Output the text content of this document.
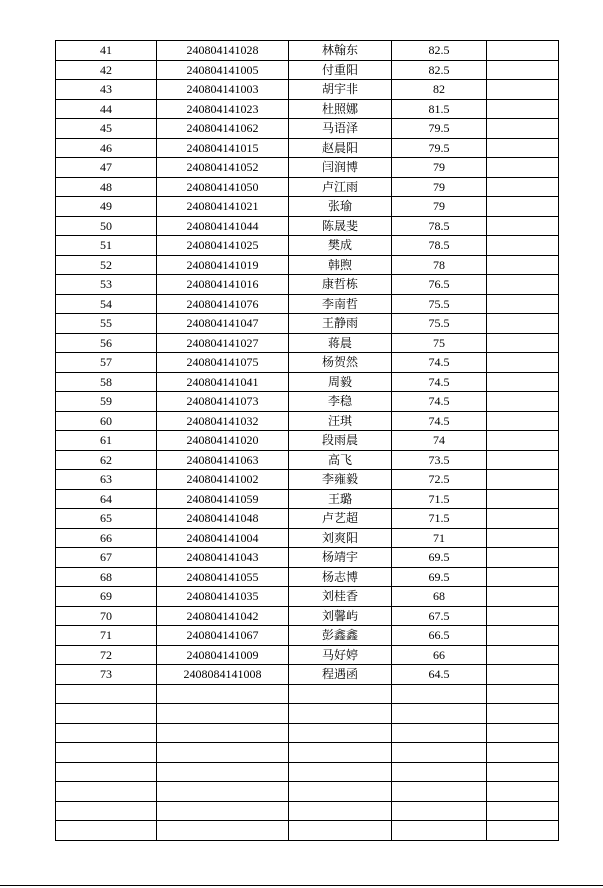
41	240804141028	林翰东	82.5	
42	240804141005	付重阳	82.5	
43	240804141003	胡宇非	82	
44	240804141023	杜照娜	81.5	
45	240804141062	马语泽	79.5	
46	240804141015	赵晨阳	79.5	
47	240804141052	闫润博	79	
48	240804141050	卢江雨	79	
49	240804141021	张瑜	79	
50	240804141044	陈晟斐	78.5	
51	240804141025	樊成	78.5	
52	240804141019	韩煦	78	
53	240804141016	康哲栋	76.5	
54	240804141076	李南哲	75.5	
55	240804141047	王静雨	75.5	
56	240804141027	蒋晨	75	
57	240804141075	杨贺然	74.5	
58	240804141041	周毅	74.5	
59	240804141073	李稳	74.5	
60	240804141032	汪琪	74.5	
61	240804141020	段雨晨	74	
62	240804141063	高飞	73.5	
63	240804141002	李雍毅	72.5	
64	240804141059	王璐	71.5	
65	240804141048	卢艺超	71.5	
66	240804141004	刘爽阳	71	
67	240804141043	杨靖宇	69.5	
68	240804141055	杨志博	69.5	
69	240804141035	刘桂香	68	
70	240804141042	刘馨屿	67.5	
71	240804141067	彭鑫鑫	66.5	
72	240804141009	马好婷	66	
73	2408084141008	程遇函	64.5	
